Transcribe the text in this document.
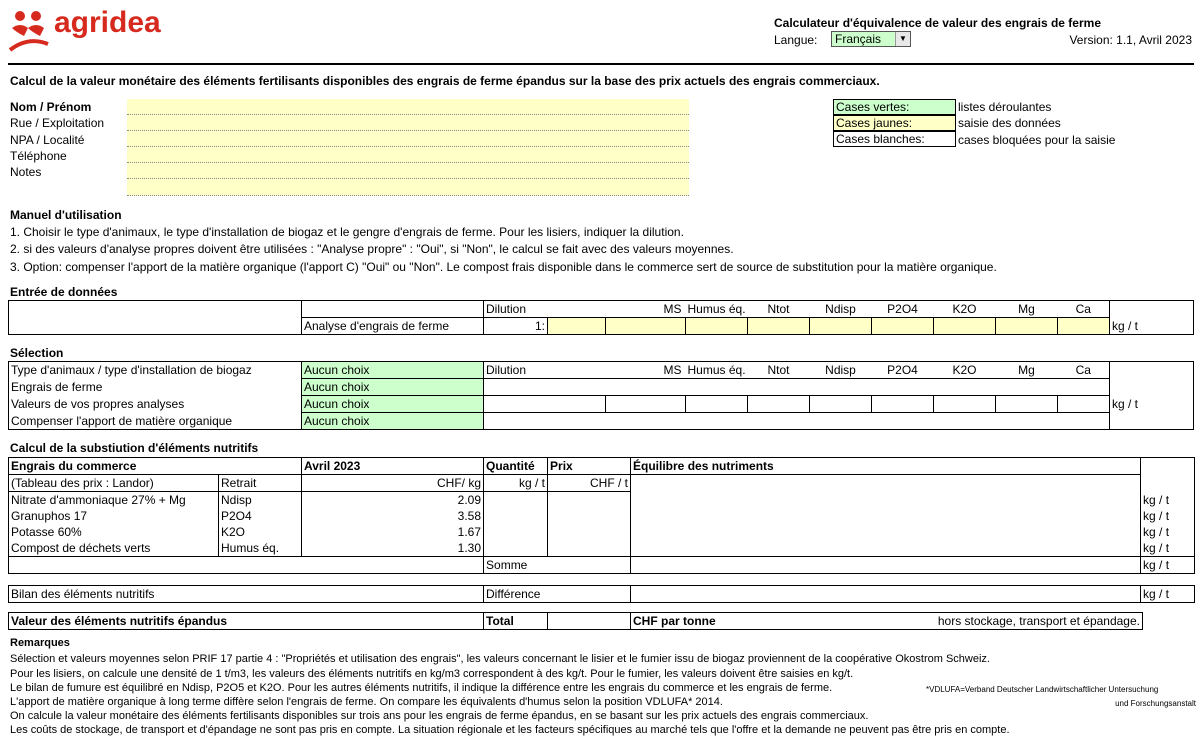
agridea	Calculateur d'équivalence de valeur des engrais de ferme
Langue: Français	▼	Version: 1.1, Avril 2023
Calcul de la valeur monétaire des éléments fertilisants disponibles des engrais de ferme épandus sur la base des prix actuels des engrais commerciaux.
Nom / Prénom
Rue / Exploitation
NPA / Localité
Téléphone
Notes
Cases vertes:
Cases jaunes:
Cases blanches:
listes déroulantes
saisie des données
cases bloquées pour la saisie
Manuel d'utilisation
1. Choisir le type d'animaux, le type d'installation de biogaz et le gengre d'engrais de ferme. Pour les lisiers, indiquer la dilution.
2. si des valeurs d'analyse propres doivent être utilisées : "Analyse propre" : "Oui", si "Non", le calcul se fait avec des valeurs moyennes.
3. Option: compenser l'apport de la matière organique (l'apport C) "Oui" ou "Non". Le compost frais disponible dans le commerce sert de source de substitution pour la matière organique.
Entrée de données
		Dilution		MS	Humus éq.	Ntot	Ndisp	P2O4	K2O	Mg	Ca	
	Analyse d'engrais de ferme	1:										kg / t
Sélection
Type d'animaux / type d'installation de biogaz	Aucun choix	Dilution	MS	Humus éq.	Ntot	Ndisp	P2O4	K2O	Mg	Ca	
Engrais de ferme	Aucun choix										
Valeurs de vos propres analyses	Aucun choix										kg / t
Compenser l'apport de matière organique	Aucun choix										
Calcul de la substiution d'éléments nutritifs
Engrais du commerce		Avril 2023	Quantité	Prix	Équilibre des nutriments	
(Tableau des prix : Landor)	Retrait	CHF/ kg	kg / t	CHF / t		
Nitrate d'ammoniaque 27% + Mg	Ndisp	2.09				kg / t
Granuphos 17	P2O4	3.58				kg / t
Potasse 60%	K2O	1.67				kg / t
Compost de déchets verts	Humus éq.	1.30				kg / t
			Somme			kg / t
Bilan des éléments nutritifs	Différence		kg / t
Valeur des éléments nutritifs épandus	Total		CHF par tonne	hors stockage, transport et épandage.
Remarques
Sélection et valeurs moyennes selon PRIF 17 partie 4 : "Propriétés et utilisation des engrais", les valeurs concernant le lisier et le fumier issu de biogaz proviennent de la coopérative Okostrom Schweiz.
Pour les lisiers, on calcule une densité de 1 t/m3, les valeurs des éléments nutritifs en kg/m3 correspondent à des kg/t. Pour le fumier, les valeurs doivent être saisies en kg/t.
Le bilan de fumure est équilibré en Ndisp, P2O5 et K2O. Pour les autres éléments nutritifs, il indique la différence entre les engrais du commerce et les engrais de ferme.
L'apport de matière organique à long terme diffère selon l'engrais de ferme. On compare les équivalents d'humus selon la position VDLUFA* 2014.
On calcule la valeur monétaire des éléments fertilisants disponibles sur trois ans pour les engrais de ferme épandus, en se basant sur les prix actuels des engrais commerciaux.
Les coûts de stockage, de transport et d'épandage ne sont pas pris en compte. La situation régionale et les facteurs spécifiques au marché tels que l'offre et la demande ne peuvent pas être pris en compte.
*VDLUFA=Verband Deutscher Landwirtschaftlicher Untersuchung
und Forschungsanstalt
